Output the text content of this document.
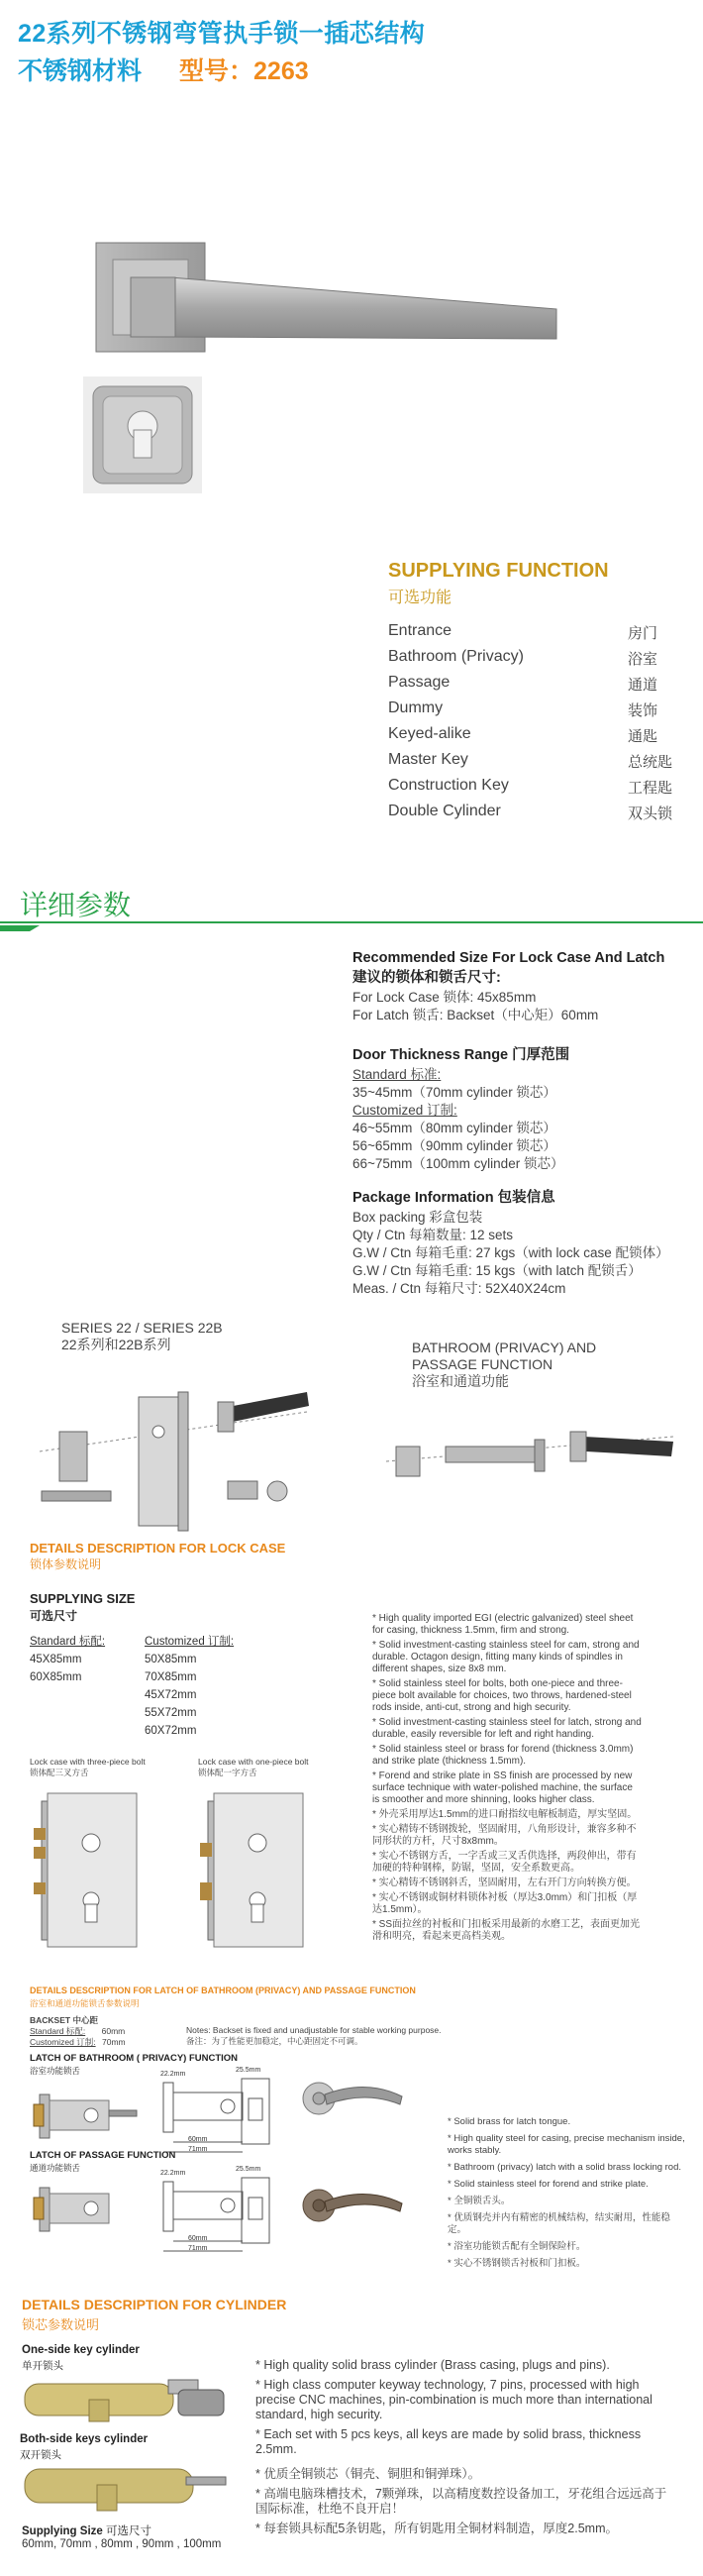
22系列不锈钢弯管执手锁一插芯结构
不锈钢材料 型号：2263
SUPPLYING FUNCTION
可选功能
Entrance	房门
Bathroom (Privacy)	浴室
Passage	通道
Dummy	装饰
Keyed-alike	通匙
Master Key	总统匙
Construction Key	工程匙
Double Cylinder	双头锁
详细参数
Recommended Size For Lock Case And Latch
建议的锁体和锁舌尺寸:
For Lock Case 锁体: 45x85mm
For Latch 锁舌: Backset（中心矩）60mm
Door Thickness Range 门厚范围
Standard 标准:
35~45mm（70mm cylinder 锁芯）
Customized 订制:
46~55mm（80mm cylinder 锁芯）
56~65mm（90mm cylinder 锁芯）
66~75mm（100mm cylinder 锁芯）
Package Information 包装信息
Box packing 彩盒包装
Qty / Ctn 每箱数量: 12 sets
G.W / Ctn 每箱毛重: 27 kgs（with lock case 配锁体）
G.W / Ctn 每箱毛重: 15 kgs（with latch 配锁舌）
Meas. / Ctn 每箱尺寸: 52X40X24cm
SERIES 22 / SERIES 22B
22系列和22B系列	BATHROOM (PRIVACY) AND
PASSAGE FUNCTION
浴室和通道功能
DETAILS DESCRIPTION FOR LOCK CASE
锁体参数说明
SUPPLYING SIZE
可选尺寸
Standard 标配:
45X85mm
60X85mm
Customized 订制:
50X85mm
70X85mm
45X72mm
55X72mm
60X72mm
Lock case with three-piece bolt
锁体配三叉方舌
Lock case with one-piece bolt
锁体配一字方舌
* High quality imported EGI (electric galvanized) steel sheet for casing, thickness 1.5mm, firm and strong.
* Solid investment-casting stainless steel for cam, strong and durable. Octagon design, fitting many kinds of spindles in different shapes, size 8x8 mm.
* Solid stainless steel for bolts, both one-piece and three-piece bolt available for choices, two throws, hardened-steel rods inside, anti-cut, strong and high security.
* Solid investment-casting stainless steel for latch, strong and durable, easily reversible for left and right handing.
* Solid stainless steel or brass for forend (thickness 3.0mm) and strike plate (thickness 1.5mm).
* Forend and strike plate in SS finish are processed by new surface technique with water-polished machine, the surface is smoother and more shinning, looks higher class.
* 外壳采用厚达1.5mm的进口耐指纹电解板制造，厚实坚固。
* 实心精铸不锈钢拨轮，坚固耐用，八角形设计，兼容多种不同形状的方杆，尺寸8x8mm。
* 实心不锈钢方舌，一字舌或三叉舌供选择，两段伸出，带有加硬的特种钢棒，防锯，坚固，安全系数更高。
* 实心精铸不锈钢斜舌，坚固耐用，左右开门方向转换方便。
* 实心不锈钢或铜材料锁体衬板（厚达3.0mm）和门扣板（厚达1.5mm）。
* SS面拉丝的衬板和门扣板采用最新的水磨工艺，表面更加光滑和明亮，看起来更高档美观。
DETAILS DESCRIPTION FOR LATCH OF BATHROOM (PRIVACY) AND PASSAGE FUNCTION
浴室和通道功能锁舌参数说明
BACKSET 中心距
Standard 标配: 60mm
Customized 订制: 70mm
Notes: Backset is fixed and unadjustable for stable working purpose.
备注：为了性能更加稳定，中心距固定不可调。
LATCH OF BATHROOM ( PRIVACY) FUNCTION
浴室功能锁舌	22.2mm
60mm
71mm
25.5mm
LATCH OF PASSAGE FUNCTION
通道功能锁舌
22.2mm
60mm
71mm
25.5mm
* Solid brass for latch tongue.
* High quality steel for casing, precise mechanism inside, works stably.
* Bathroom (privacy) latch with a solid brass locking rod.
* Solid stainless steel for forend and strike plate.
* 全铜锁舌头。
* 优质钢壳并内有精密的机械结构，结实耐用，性能稳定。
* 浴室功能锁舌配有全铜保险杆。
* 实心不锈钢锁舌衬板和门扣板。
DETAILS DESCRIPTION FOR CYLINDER
锁芯参数说明
One-side key cylinder
单开锁头
Both-side keys cylinder
双开锁头
Supplying Size 可选尺寸
60mm, 70mm , 80mm , 90mm , 100mm
* High quality solid brass cylinder (Brass casing, plugs and pins).
* High class computer keyway technology, 7 pins, processed with high precise CNC machines, pin-combination is much more than international standard, high security.
* Each set with 5 pcs keys, all keys are made by solid brass, thickness 2.5mm.
* 优质全铜锁芯（铜壳、铜胆和铜弹珠）。
* 高端电脑珠槽技术，7颗弹珠，以高精度数控设备加工，牙花组合远远高于国际标准，杜绝不良开启！
* 每套锁具标配5条钥匙，所有钥匙用全铜材料制造，厚度2.5mm。
